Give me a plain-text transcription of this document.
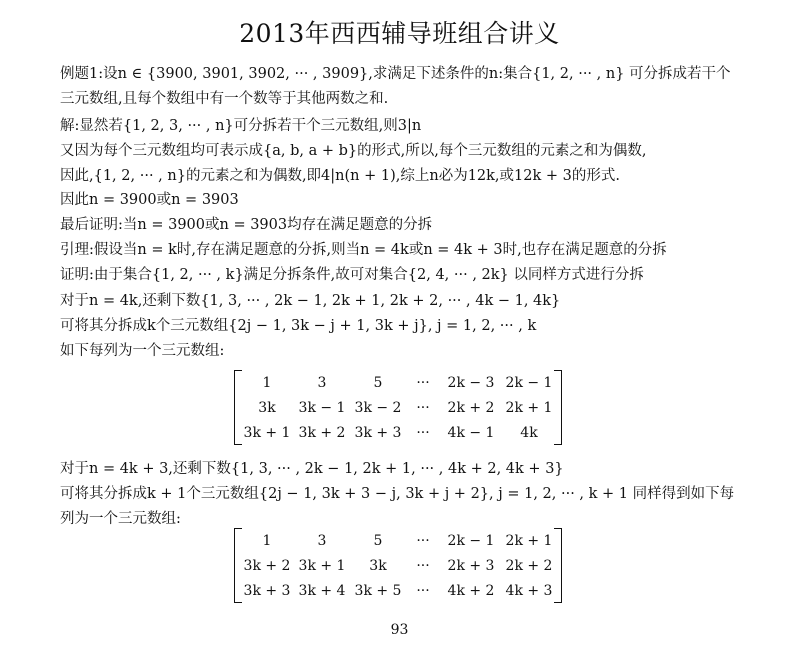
2013年西西辅导班组合讲义
例题1:设n ∈ {3900, 3901, 3902, ··· , 3909},求满足下述条件的n:集合{1, 2, ··· , n} 可分拆成若干个
三元数组,且每个数组中有一个数等于其他两数之和.
解:显然若{1, 2, 3, ··· , n}可分拆若干个三元数组,则3|n
又因为每个三元数组均可表示成{a, b, a + b}的形式,所以,每个三元数组的元素之和为偶数,
因此,{1, 2, ··· , n}的元素之和为偶数,即4|n(n + 1),综上n必为12k,或12k + 3的形式.
因此n = 3900或n = 3903
最后证明:当n = 3900或n = 3903均存在满足题意的分拆
引理:假设当n = k时,存在满足题意的分拆,则当n = 4k或n = 4k + 3时,也存在满足题意的分拆
证明:由于集合{1, 2, ··· , k}满足分拆条件,故可对集合{2, 4, ··· , 2k} 以同样方式进行分拆
对于n = 4k,还剩下数{1, 3, ··· , 2k − 1, 2k + 1, 2k + 2, ··· , 4k − 1, 4k}
可将其分拆成k个三元数组{2j − 1, 3k − j + 1, 3k + j}, j = 1, 2, ··· , k
如下每列为一个三元数组:
1	3	5	···	2k − 3	2k − 1
3k	3k − 1	3k − 2	···	2k + 2	2k + 1
3k + 1	3k + 2	3k + 3	···	4k − 1	4k
对于n = 4k + 3,还剩下数{1, 3, ··· , 2k − 1, 2k + 1, ··· , 4k + 2, 4k + 3}
可将其分拆成k + 1个三元数组{2j − 1, 3k + 3 − j, 3k + j + 2}, j = 1, 2, ··· , k + 1 同样得到如下每
列为一个三元数组:
1	3	5	···	2k − 1	2k + 1
3k + 2	3k + 1	3k	···	2k + 3	2k + 2
3k + 3	3k + 4	3k + 5	···	4k + 2	4k + 3
93
